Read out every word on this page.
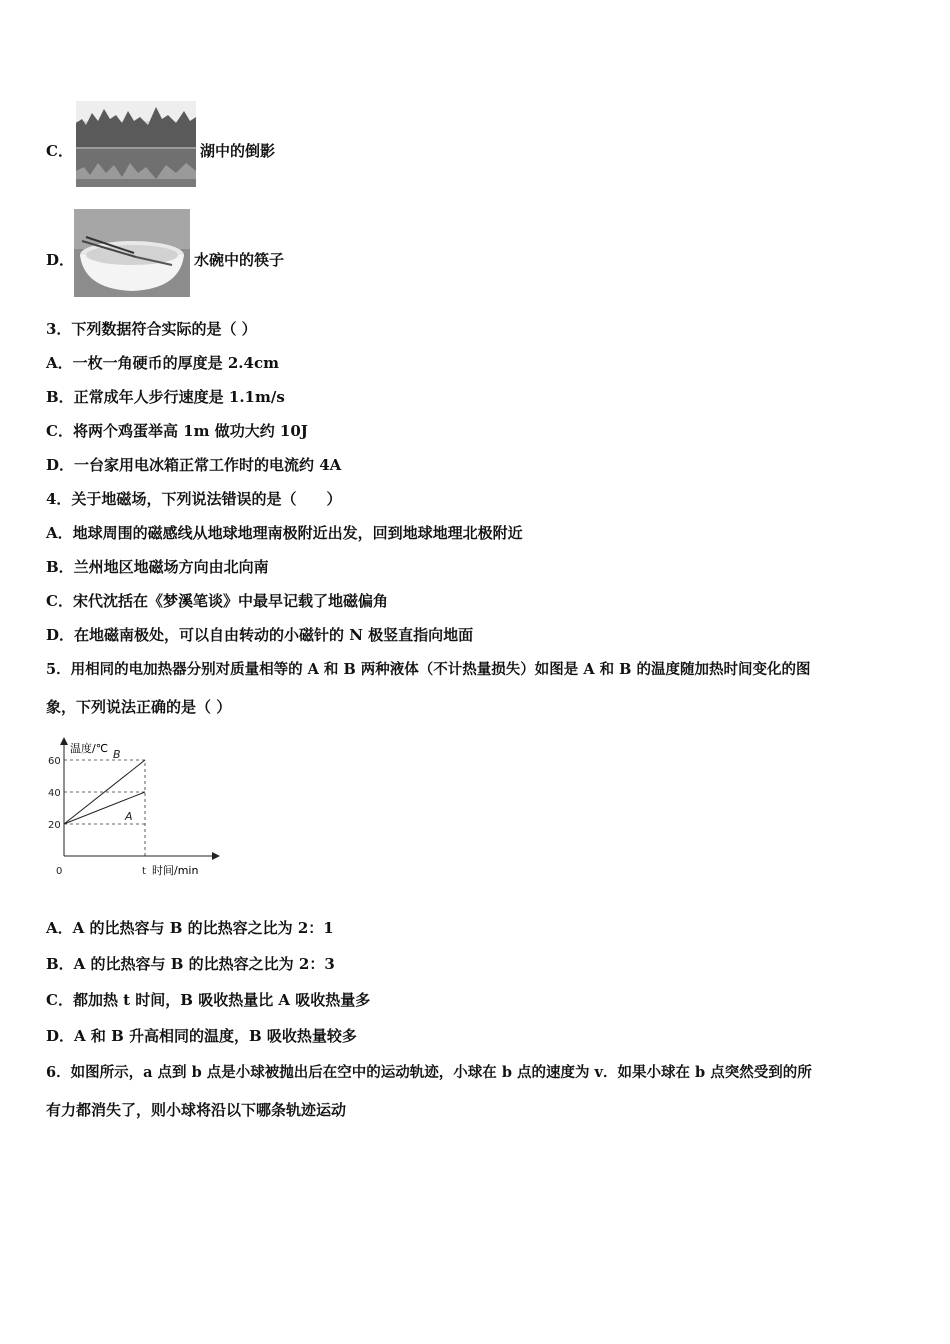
C．	湖中的倒影
D．	水碗中的筷子
3．下列数据符合实际的是（ ）
A．一枚一角硬币的厚度是 2.4cm
B．正常成年人步行速度是 1.1m/s
C．将两个鸡蛋举高 1m 做功大约 10J
D．一台家用电冰箱正常工作时的电流约 4A
4．关于地磁场，下列说法错误的是（　　）
A．地球周围的磁感线从地球地理南极附近出发，回到地球地理北极附近
B．兰州地区地磁场方向由北向南
C．宋代沈括在《梦溪笔谈》中最早记载了地磁偏角
D．在地磁南极处，可以自由转动的小磁针的 N 极竖直指向地面
5．用相同的电加热器分别对质量相等的 A 和 B 两种液体（不计热量损失）如图是 A 和 B 的温度随加热时间变化的图
象，下列说法正确的是（ ）
温度/℃
时间/min
20
40
60
0	t
B
A
A．A 的比热容与 B 的比热容之比为 2：1
B．A 的比热容与 B 的比热容之比为 2：3
C．都加热 t 时间，B 吸收热量比 A 吸收热量多
D．A 和 B 升高相同的温度，B 吸收热量较多
6．如图所示，a 点到 b 点是小球被抛出后在空中的运动轨迹，小球在 b 点的速度为 v．如果小球在 b 点突然受到的所
有力都消失了，则小球将沿以下哪条轨迹运动
